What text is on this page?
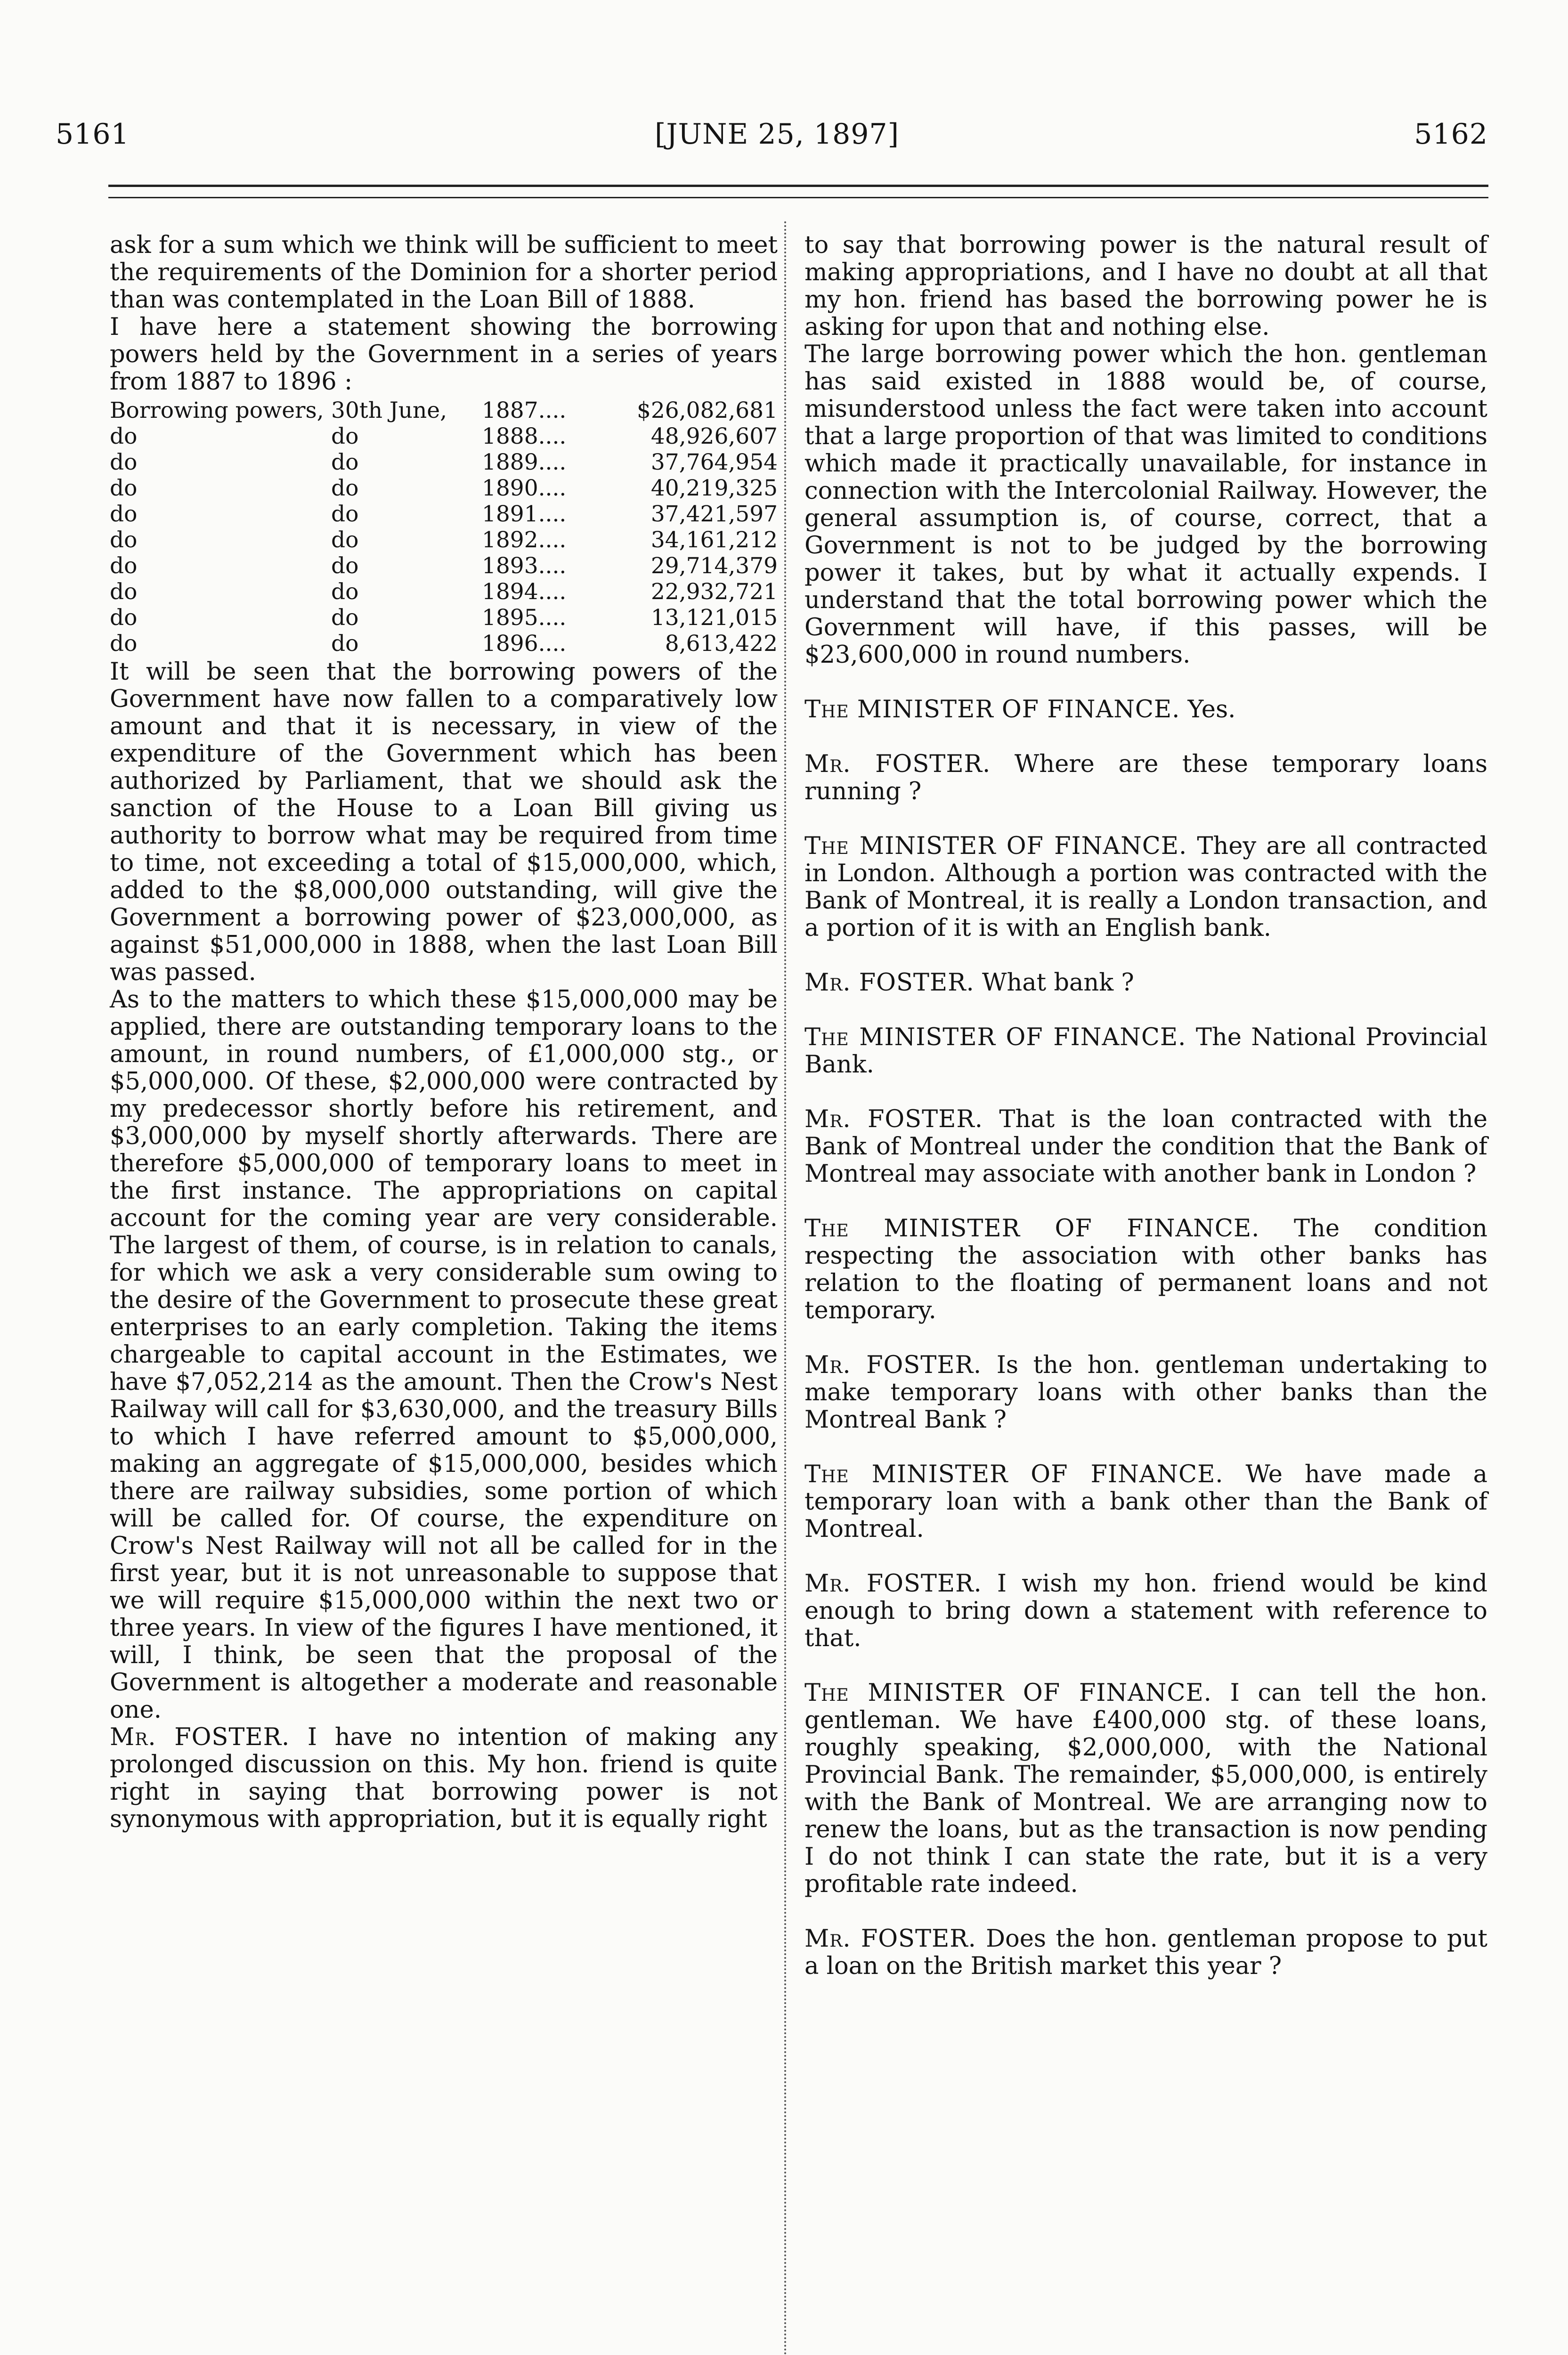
5161	[JUNE 25, 1897]	5162

ask for a sum which we think will be sufficient to meet the requirements of the Dominion for a shorter period than was contemplated in the Loan Bill of 1888.

I have here a statement showing the borrowing powers held by the Government in a series of years from 1887 to 1896 :

Borrowing powers,	30th June,	1887....	$26,082,681
do	do	1888....	48,926,607
do	do	1889....	37,764,954
do	do	1890....	40,219,325
do	do	1891....	37,421,597
do	do	1892....	34,161,212
do	do	1893....	29,714,379
do	do	1894....	22,932,721
do	do	1895....	13,121,015
do	do	1896....	8,613,422

It will be seen that the borrowing powers of the Government have now fallen to a comparatively low amount and that it is necessary, in view of the expenditure of the Government which has been authorized by Parliament, that we should ask the sanction of the House to a Loan Bill giving us authority to borrow what may be required from time to time, not exceeding a total of $15,000,000, which, added to the $8,000,000 outstanding, will give the Government a borrowing power of $23,000,000, as against $51,000,000 in 1888, when the last Loan Bill was passed.

As to the matters to which these $15,000,000 may be applied, there are outstanding temporary loans to the amount, in round numbers, of £1,000,000 stg., or $5,000,000. Of these, $2,000,000 were contracted by my predecessor shortly before his retirement, and $3,000,000 by myself shortly afterwards. There are therefore $5,000,000 of temporary loans to meet in the first instance. The appropriations on capital account for the coming year are very considerable. The largest of them, of course, is in relation to canals, for which we ask a very considerable sum owing to the desire of the Government to prosecute these great enterprises to an early completion. Taking the items chargeable to capital account in the Estimates, we have $7,052,214 as the amount. Then the Crow's Nest Railway will call for $3,630,000, and the treasury Bills to which I have referred amount to $5,000,000, making an aggregate of $15,000,000, besides which there are railway subsidies, some portion of which will be called for. Of course, the expenditure on Crow's Nest Railway will not all be called for in the first year, but it is not unreasonable to suppose that we will require $15,000,000 within the next two or three years. In view of the figures I have mentioned, it will, I think, be seen that the proposal of the Government is altogether a moderate and reasonable one.

Mr. FOSTER. I have no intention of making any prolonged discussion on this. My hon. friend is quite right in saying that borrowing power is not synonymous with appropriation, but it is equally right

to say that borrowing power is the natural result of making appropriations, and I have no doubt at all that my hon. friend has based the borrowing power he is asking for upon that and nothing else.

The large borrowing power which the hon. gentleman has said existed in 1888 would be, of course, misunderstood unless the fact were taken into account that a large proportion of that was limited to conditions which made it practically unavailable, for instance in connection with the Intercolonial Railway. However, the general assumption is, of course, correct, that a Government is not to be judged by the borrowing power it takes, but by what it actually expends. I understand that the total borrowing power which the Government will have, if this passes, will be $23,600,000 in round numbers.

The MINISTER OF FINANCE. Yes.

Mr. FOSTER. Where are these temporary loans running ?

The MINISTER OF FINANCE. They are all contracted in London. Although a portion was contracted with the Bank of Montreal, it is really a London transaction, and a portion of it is with an English bank.

Mr. FOSTER. What bank ?

The MINISTER OF FINANCE. The National Provincial Bank.

Mr. FOSTER. That is the loan contracted with the Bank of Montreal under the condition that the Bank of Montreal may associate with another bank in London ?

The MINISTER OF FINANCE. The condition respecting the association with other banks has relation to the floating of permanent loans and not temporary.

Mr. FOSTER. Is the hon. gentleman undertaking to make temporary loans with other banks than the Montreal Bank ?

The MINISTER OF FINANCE. We have made a temporary loan with a bank other than the Bank of Montreal.

Mr. FOSTER. I wish my hon. friend would be kind enough to bring down a statement with reference to that.

The MINISTER OF FINANCE. I can tell the hon. gentleman. We have £400,000 stg. of these loans, roughly speaking, $2,000,000, with the National Provincial Bank. The remainder, $5,000,000, is entirely with the Bank of Montreal. We are arranging now to renew the loans, but as the transaction is now pending I do not think I can state the rate, but it is a very profitable rate indeed.

Mr. FOSTER. Does the hon. gentleman propose to put a loan on the British market this year ?
